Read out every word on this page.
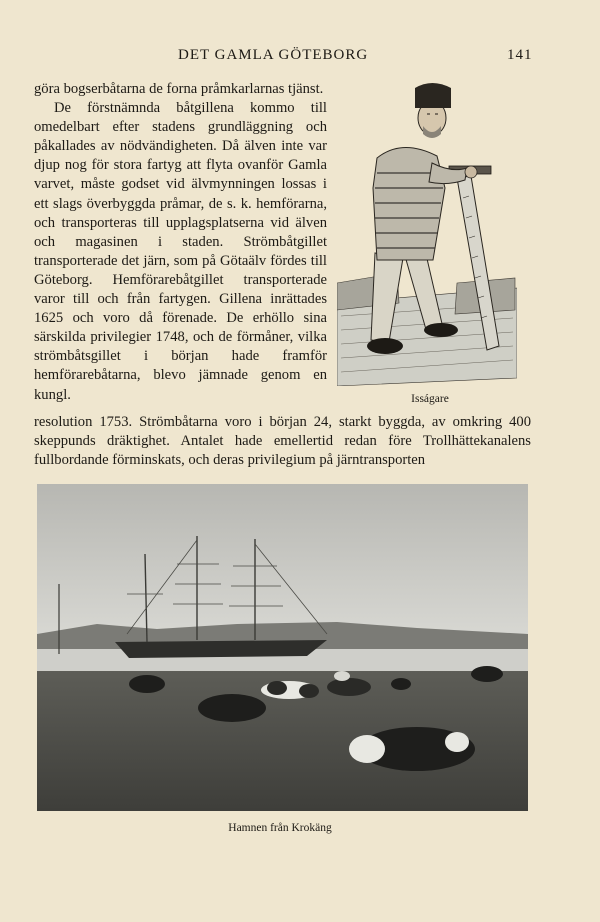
DET GAMLA GÖTEBORG	141

göra bogserbåtarna de forna pråmkarlarnas tjänst.

De förstnämnda båtgillena kommo till omedelbart efter stadens grundläggning och påkallades av nödvändigheten. Då älven inte var djup nog för stora fartyg att flyta ovanför Gamla varvet, måste godset vid älvmynningen lossas i ett slags överbyggda pråmar, de s. k. hemförarna, och transporteras till upplagsplatserna vid älven och magasinen i staden. Strömbåtgillet transporterade det järn, som på Götaälv fördes till Göteborg. Hemförarebåtgillet transporterade varor till och från fartygen. Gillena inrättades 1625 och voro då förenade. De erhöllo sina särskilda privilegier 1748, och de förmåner, vilka strömbåtsgillet i början hade framför hemförarebåtarna, blevo jämnade genom en kungl.	Isságare

resolution 1753. Strömbåtarna voro i början 24, starkt byggda, av omkring 400 skeppunds dräktighet. Antalet hade emellertid redan före Trollhättekanalens fullbordande förminskats, och deras privilegium på järntransporten

Hamnen från Krokäng
